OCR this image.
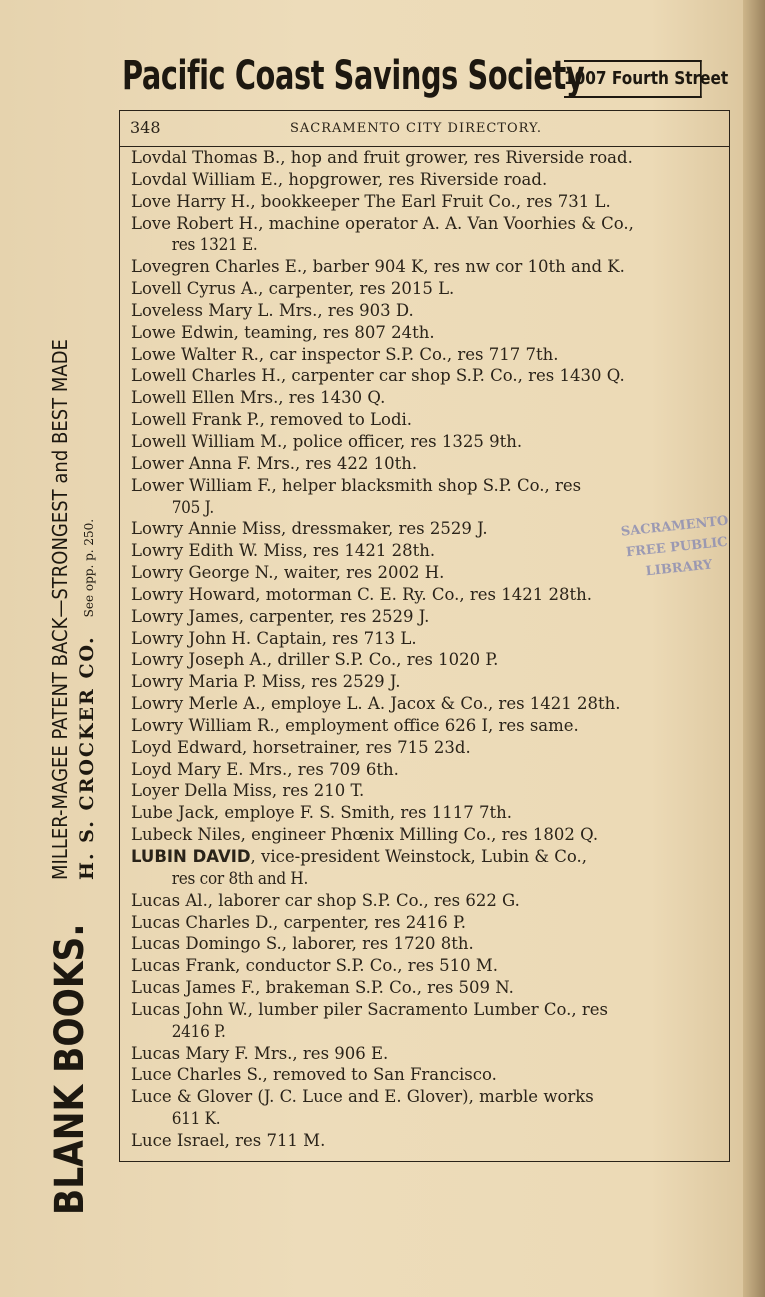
Pacific Coast Savings Society
1007 Fourth Street
BLANK BOOKS.
MILLER-MAGEE PATENT BACK—STRONGEST and BEST MADE H. S. CROCKER CO.See opp. p. 250.
348	SACRAMENTO CITY DIRECTORY.
SACRAMENTO
FREE PUBLIC
LIBRARY
Lovdal Thomas B., hop and fruit grower, res Riverside road.
Lovdal William E., hopgrower, res Riverside road.
Love Harry H., bookkeeper The Earl Fruit Co., res 731 L.
Love Robert H., machine operator A. A. Van Voorhies & Co.,
res 1321 E.
Lovegren Charles E., barber 904 K, res nw cor 10th and K.
Lovell Cyrus A., carpenter, res 2015 L.
Loveless Mary L. Mrs., res 903 D.
Lowe Edwin, teaming, res 807 24th.
Lowe Walter R., car inspector S.P. Co., res 717 7th.
Lowell Charles H., carpenter car shop S.P. Co., res 1430 Q.
Lowell Ellen Mrs., res 1430 Q.
Lowell Frank P., removed to Lodi.
Lowell William M., police officer, res 1325 9th.
Lower Anna F. Mrs., res 422 10th.
Lower William F., helper blacksmith shop S.P. Co., res
705 J.
Lowry Annie Miss, dressmaker, res 2529 J.
Lowry Edith W. Miss, res 1421 28th.
Lowry George N., waiter, res 2002 H.
Lowry Howard, motorman C. E. Ry. Co., res 1421 28th.
Lowry James, carpenter, res 2529 J.
Lowry John H. Captain, res 713 L.
Lowry Joseph A., driller S.P. Co., res 1020 P.
Lowry Maria P. Miss, res 2529 J.
Lowry Merle A., employe L. A. Jacox & Co., res 1421 28th.
Lowry William R., employment office 626 I, res same.
Loyd Edward, horsetrainer, res 715 23d.
Loyd Mary E. Mrs., res 709 6th.
Loyer Della Miss, res 210 T.
Lube Jack, employe F. S. Smith, res 1117 7th.
Lubeck Niles, engineer Phœnix Milling Co., res 1802 Q.
LUBIN DAVID, vice-president Weinstock, Lubin & Co.,
res cor 8th and H.
Lucas Al., laborer car shop S.P. Co., res 622 G.
Lucas Charles D., carpenter, res 2416 P.
Lucas Domingo S., laborer, res 1720 8th.
Lucas Frank, conductor S.P. Co., res 510 M.
Lucas James F., brakeman S.P. Co., res 509 N.
Lucas John W., lumber piler Sacramento Lumber Co., res
2416 P.
Lucas Mary F. Mrs., res 906 E.
Luce Charles S., removed to San Francisco.
Luce & Glover (J. C. Luce and E. Glover), marble works
611 K.
Luce Israel, res 711 M.
